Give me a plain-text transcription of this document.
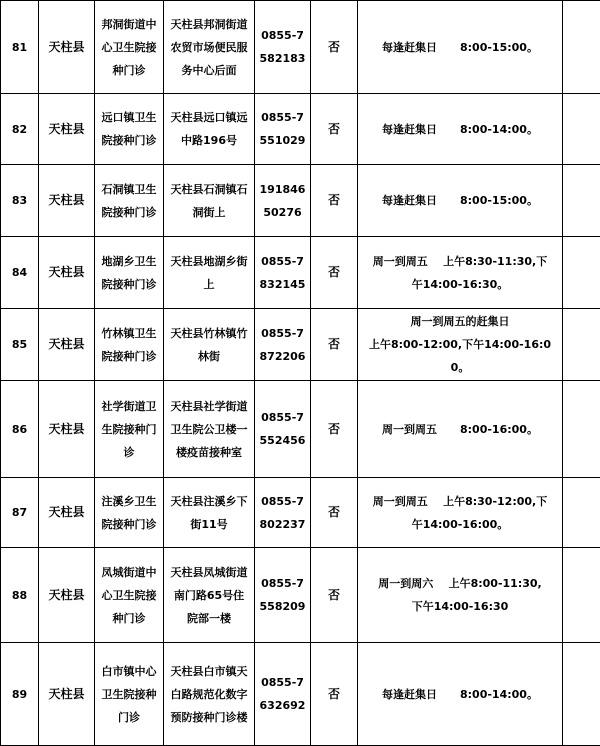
81	天柱县	邦洞街道中心卫生院接种门诊	天柱县邦洞街道农贸市场便民服务中心后面	0855-7582183	否	每逢赶集日      8:00-15:00。	

82	天柱县	远口镇卫生院接种门诊	天柱县远口镇远中路196号	0855-7551029	否	每逢赶集日      8:00-14:00。	

83	天柱县	石洞镇卫生院接种门诊	天柱县石洞镇石洞街上	19184650276	否	每逢赶集日      8:00-15:00。	

84	天柱县	地湖乡卫生院接种门诊	天柱县地湖乡街上	0855-7832145	否	周一到周五    上午8:30-11:30,下
午14:00-16:30。	

85	天柱县	竹林镇卫生院接种门诊	天柱县竹林镇竹林街	0855-7872206	否	周一到周五的赶集日
上午8:00-12:00,下午14:00-16:0
0。	

86	天柱县	社学街道卫生院接种门诊	天柱县社学街道卫生院公卫楼一楼疫苗接种室	0855-7552456	否	周一到周五      8:00-16:00。	

87	天柱县	注溪乡卫生院接种门诊	天柱县注溪乡下街11号	0855-7802237	否	周一到周五    上午8:30-12:00,下
午14:00-16:00。	

88	天柱县	凤城街道中心卫生院接种门诊	天柱县凤城街道南门路65号住院部一楼	0855-7558209	否	周一到周六    上午8:00-11:30,
下午14:00-16:30	

89	天柱县	白市镇中心卫生院接种门诊	天柱县白市镇天白路规范化数字预防接种门诊楼	0855-7632692	否	每逢赶集日      8:00-14:00。	
